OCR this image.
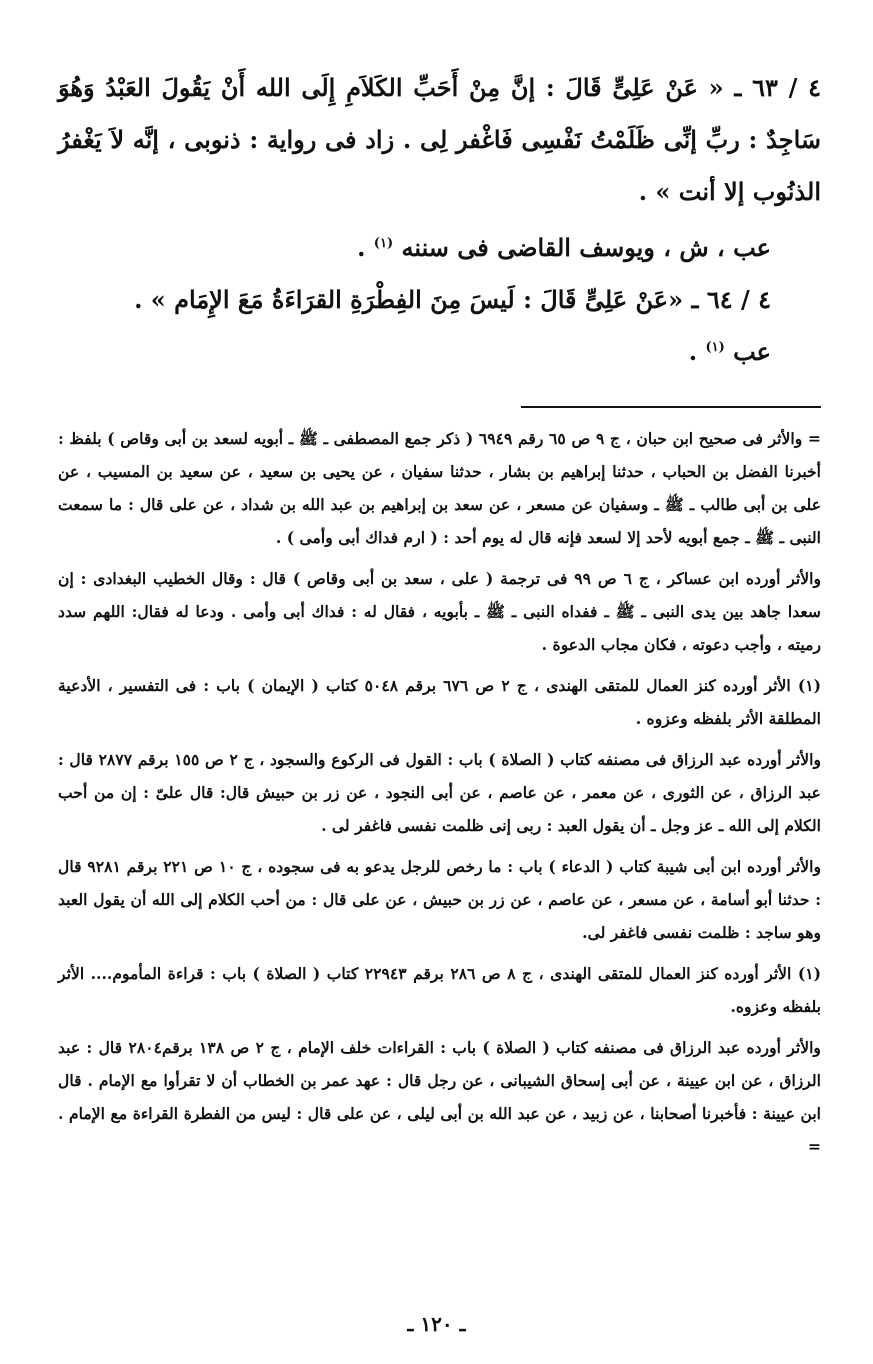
٤ / ٦٣ ـ « عَنْ عَلِىٍّ قَالَ : إنَّ مِنْ أَحَبِّ الكَلاَمِ إِلَى الله أَنْ يَقُولَ العَبْدُ وَهُوَ سَاجِدٌ : ربِّ إنِّى ظَلَمْتُ نَفْسِى فَاغْفر لِى . زاد فى رواية : ذنوبى ، إنَّه لاَ يَغْفرُ الذنُوب إلا أنت » .

عب ، ش ، ويوسف القاضى فى سننه $^{(١)}$ .

٤ / ٦٤ ـ «عَنْ عَلِىٍّ قَالَ : لَيسَ مِنَ الفِطْرَةِ القرَاءَةُ مَعَ الإِمَام » .

عب $^{(١)}$ .

= والأثر فى صحيح ابن حبان ، ج ٩ ص ٦٥ رقم ٦٩٤٩ ( ذكر جمع المصطفى ـ ﷺ ـ أبويه لسعد بن أبى وقاص ) بلفظ : أخبرنا الفضل بن الحباب ، حدثنا إبراهيم بن بشار ، حدثنا سفيان ، عن يحيى بن سعيد ، عن سعيد بن المسيب ، عن على بن أبى طالب ـ ﷺ ـ وسفيان عن مسعر ، عن سعد بن إبراهيم بن عبد الله بن شداد ، عن على قال : ما سمعت النبى ـ ﷺ ـ جمع أبويه لأحد إلا لسعد فإنه قال له يوم أحد : ( ارم فداك أبى وأمى ) .

والأثر أورده ابن عساكر ، ج ٦ ص ٩٩ فى ترجمة ( على ، سعد بن أبى وقاص ) قال : وقال الخطيب البغدادى : إن سعدا جاهد بين يدى النبى ـ ﷺ ـ ففداه النبى ـ ﷺ ـ بأبويه ، فقال له : فداك أبى وأمى . ودعا له فقال: اللهم سدد رميته ، وأجب دعوته ، فكان مجاب الدعوة .

(١) الأثر أورده كنز العمال للمتقى الهندى ، ج ٢ ص ٦٧٦ برقم ٥٠٤٨ كتاب ( الإيمان ) باب : فى التفسير ، الأدعية المطلقة الأثر بلفظه وعزوه .

والأثر أورده عبد الرزاق فى مصنفه كتاب ( الصلاة ) باب : القول فى الركوع والسجود ، ج ٢ ص ١٥٥ برقم ٢٨٧٧ قال : عبد الرزاق ، عن الثورى ، عن معمر ، عن عاصم ، عن أبى النجود ، عن زر بن حبيش قال: قال علىّ : إن من أحب الكلام إلى الله ـ عز وجل ـ أن يقول العبد : ربى إنى ظلمت نفسى فاغفر لى .

والأثر أورده ابن أبى شيبة كتاب ( الدعاء ) باب : ما رخص للرجل يدعو به فى سجوده ، ج ١٠ ص ٢٢١ برقم ٩٢٨١ قال : حدثنا أبو أسامة ، عن مسعر ، عن عاصم ، عن زر بن حبيش ، عن على قال : من أحب الكلام إلى الله أن يقول العبد وهو ساجد : ظلمت نفسى فاغفر لى.

(١) الأثر أورده كنز العمال للمتقى الهندى ، ج ٨ ص ٢٨٦ برقم ٢٢٩٤٣ كتاب ( الصلاة ) باب : قراءة المأموم.... الأثر بلفظه وعزوه.

والأثر أورده عبد الرزاق فى مصنفه كتاب ( الصلاة ) باب : القراءات خلف الإمام ، ج ٢ ص ١٣٨ برقم٢٨٠٤ قال : عبد الرزاق ، عن ابن عيينة ، عن أبى إسحاق الشيبانى ، عن رجل قال : عهد عمر بن الخطاب أن لا تقرأوا مع الإمام . قال ابن عيينة : فأخبرنا أصحابنا ، عن زبيد ، عن عبد الله بن أبى ليلى ، عن على قال : ليس من الفطرة القراءة مع الإمام . =

ـ ١٢٠ ـ
